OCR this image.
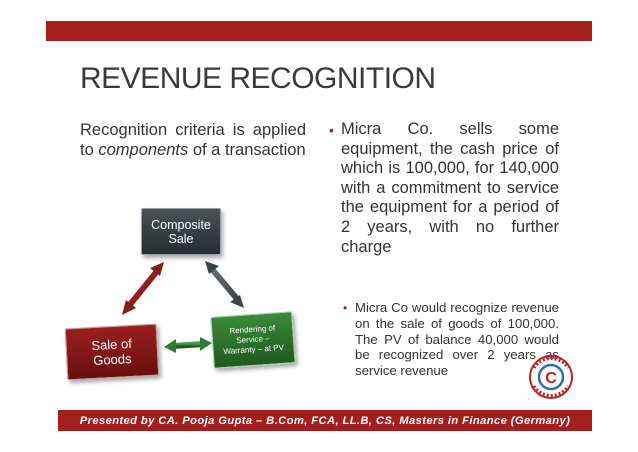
REVENUE RECOGNITION
Recognition criteria is applied to components of a transaction
• Micra Co. sells some equipment, the cash price of which is 100,000, for 140,000 with a commitment to service the equipment for a period of 2 years, with no further charge
• Micra Co would recognize revenue on the sale of goods of 100,000. The PV of balance 40,000 would be recognized over 2 years as service revenue
Composite
Sale
Sale of
Goods
Rendering of
Service –
Warranty – at PV
C
Presented by CA. Pooja Gupta – B.Com, FCA, LL.B, CS, Masters in Finance (Germany)
